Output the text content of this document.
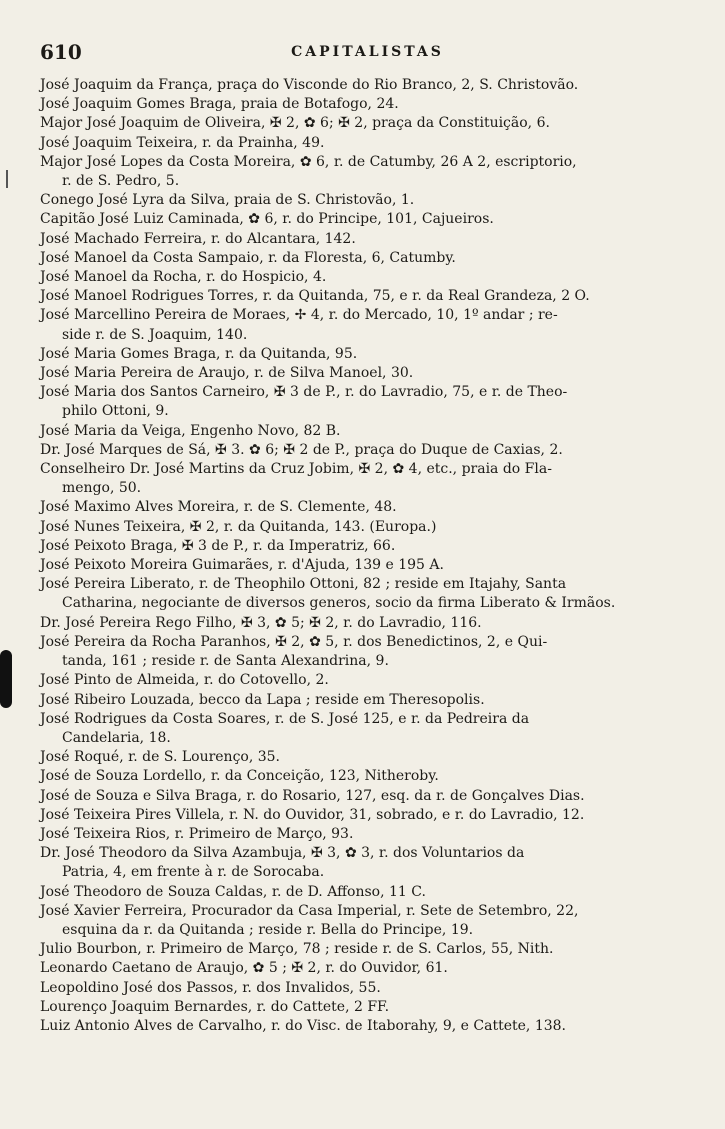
610	CAPITALISTAS
José Joaquim da França, praça do Visconde do Rio Branco, 2, S. Christovão.
José Joaquim Gomes Braga, praia de Botafogo, 24.
Major José Joaquim de Oliveira, ✠ 2, ✿ 6; ✠ 2, praça da Constituição, 6.
José Joaquim Teixeira, r. da Prainha, 49.
Major José Lopes da Costa Moreira, ✿ 6, r. de Catumby, 26 A 2, escriptorio,
r. de S. Pedro, 5.
Conego José Lyra da Silva, praia de S. Christovão, 1.
Capitão José Luiz Caminada, ✿ 6, r. do Principe, 101, Cajueiros.
José Machado Ferreira, r. do Alcantara, 142.
José Manoel da Costa Sampaio, r. da Floresta, 6, Catumby.
José Manoel da Rocha, r. do Hospicio, 4.
José Manoel Rodrigues Torres, r. da Quitanda, 75, e r. da Real Grandeza, 2 O.
José Marcellino Pereira de Moraes, ✢ 4, r. do Mercado, 10, 1º andar ; re-
side r. de S. Joaquim, 140.
José Maria Gomes Braga, r. da Quitanda, 95.
José Maria Pereira de Araujo, r. de Silva Manoel, 30.
José Maria dos Santos Carneiro, ✠ 3 de P., r. do Lavradio, 75, e r. de Theo-
philo Ottoni, 9.
José Maria da Veiga, Engenho Novo, 82 B.
Dr. José Marques de Sá, ✠ 3. ✿ 6; ✠ 2 de P., praça do Duque de Caxias, 2.
Conselheiro Dr. José Martins da Cruz Jobim, ✠ 2, ✿ 4, etc., praia do Fla-
mengo, 50.
José Maximo Alves Moreira, r. de S. Clemente, 48.
José Nunes Teixeira, ✠ 2, r. da Quitanda, 143. (Europa.)
José Peixoto Braga, ✠ 3 de P., r. da Imperatriz, 66.
José Peixoto Moreira Guimarães, r. d'Ajuda, 139 e 195 A.
José Pereira Liberato, r. de Theophilo Ottoni, 82 ; reside em Itajahy, Santa
Catharina, negociante de diversos generos, socio da firma Liberato & Irmãos.
Dr. José Pereira Rego Filho, ✠ 3, ✿ 5; ✠ 2, r. do Lavradio, 116.
José Pereira da Rocha Paranhos, ✠ 2, ✿ 5, r. dos Benedictinos, 2, e Qui-
tanda, 161 ; reside r. de Santa Alexandrina, 9.
José Pinto de Almeida, r. do Cotovello, 2.
José Ribeiro Louzada, becco da Lapa ; reside em Theresopolis.
José Rodrigues da Costa Soares, r. de S. José 125, e r. da Pedreira da
Candelaria, 18.
José Roqué, r. de S. Lourenço, 35.
José de Souza Lordello, r. da Conceição, 123, Nitheroby.
José de Souza e Silva Braga, r. do Rosario, 127, esq. da r. de Gonçalves Dias.
José Teixeira Pires Villela, r. N. do Ouvidor, 31, sobrado, e r. do Lavradio, 12.
José Teixeira Rios, r. Primeiro de Março, 93.
Dr. José Theodoro da Silva Azambuja, ✠ 3, ✿ 3, r. dos Voluntarios da
Patria, 4, em frente à r. de Sorocaba.
José Theodoro de Souza Caldas, r. de D. Affonso, 11 C.
José Xavier Ferreira, Procurador da Casa Imperial, r. Sete de Setembro, 22,
esquina da r. da Quitanda ; reside r. Bella do Principe, 19.
Julio Bourbon, r. Primeiro de Março, 78 ; reside r. de S. Carlos, 55, Nith.
Leonardo Caetano de Araujo, ✿ 5 ; ✠ 2, r. do Ouvidor, 61.
Leopoldino José dos Passos, r. dos Invalidos, 55.
Lourenço Joaquim Bernardes, r. do Cattete, 2 FF.
Luiz Antonio Alves de Carvalho, r. do Visc. de Itaborahy, 9, e Cattete, 138.
